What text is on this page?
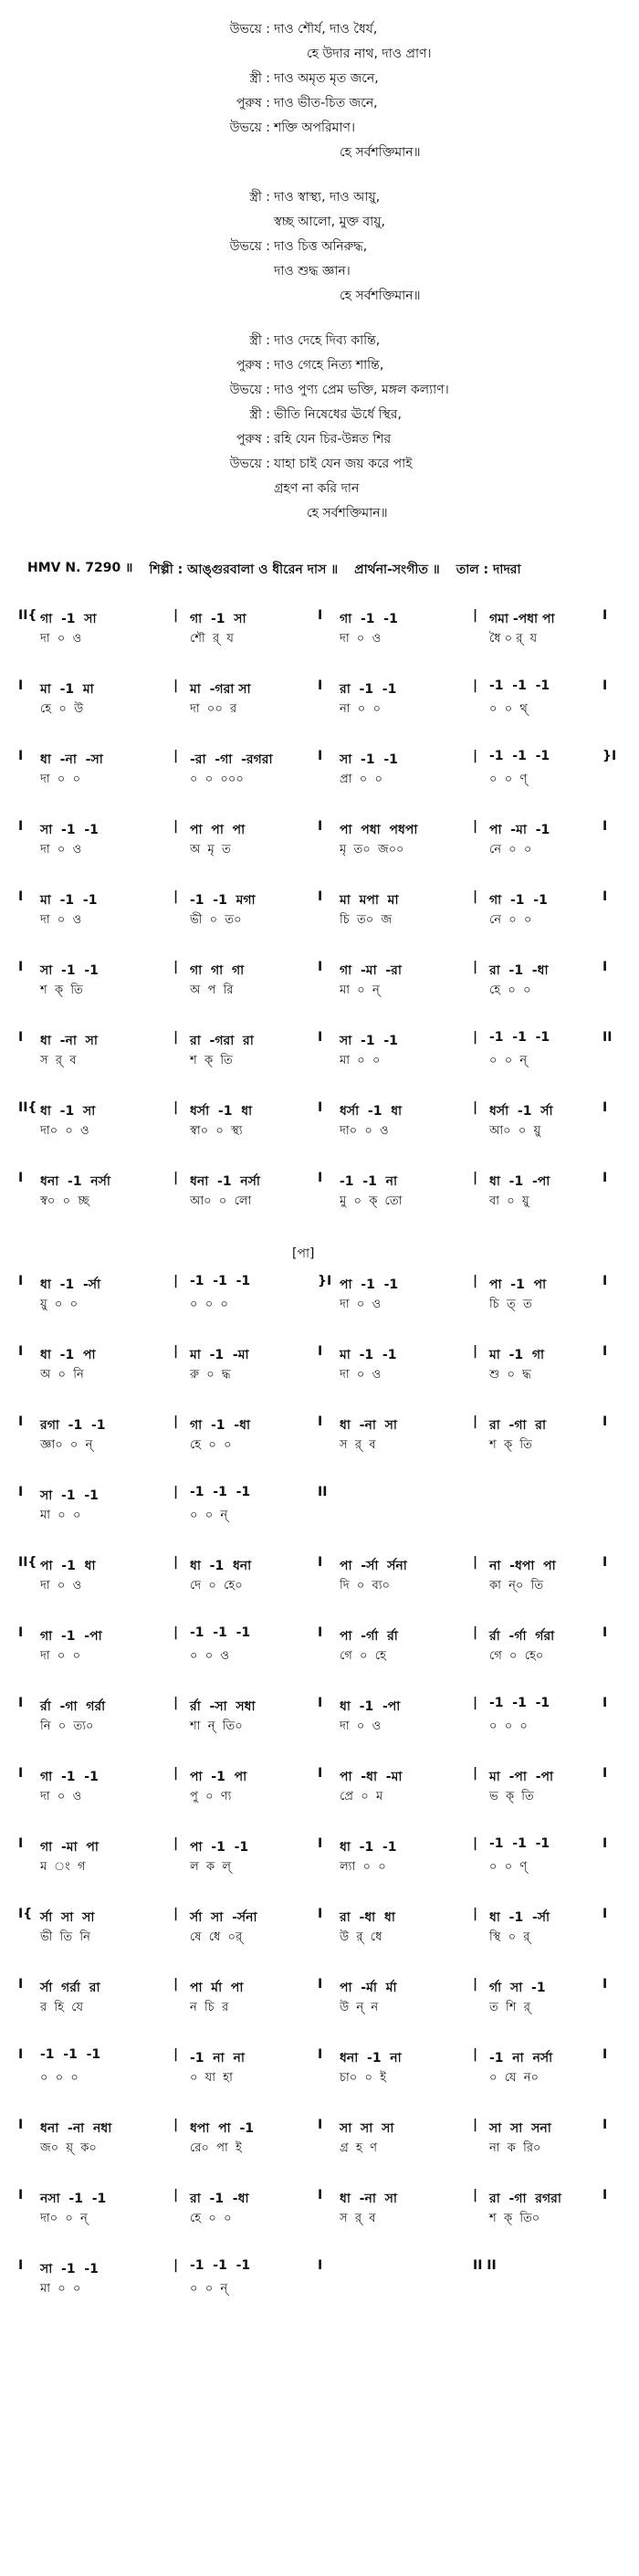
উভয়ে : দাও শৌর্য, দাও ধৈর্য,
হে উদার নাথ, দাও প্রাণ।
স্ত্রী : দাও অমৃত মৃত জনে,
পুরুষ : দাও ভীত-চিত জনে,
উভয়ে : শক্তি অপরিমাণ।
হে সর্বশক্তিমান॥
স্ত্রী : দাও স্বাস্থ্য, দাও আয়ু,
স্বচ্ছ আলো, মুক্ত বায়ু,
উভয়ে : দাও চিত্ত অনিরুদ্ধ,
দাও শুদ্ধ জ্ঞান।
হে সর্বশক্তিমান॥
স্ত্রী : দাও দেহে দিব্য কান্তি,
পুরুষ : দাও গেহে নিত্য শান্তি,
উভয়ে : দাও পুণ্য প্রেম ভক্তি, মঙ্গল কল্যাণ।
স্ত্রী : ভীতি নিষেধের ঊর্ধে স্থির,
পুরুষ : রহি যেন চির-উন্নত শির
উভয়ে : যাহা চাই যেন জয় করে পাই
গ্রহণ না করি দান
হে সর্বশক্তিমান॥
HMV N. 7290 ॥ শিল্পী : আঙ্গুরবালা ও ধীরেন দাস ॥ প্রার্থনা-সংগীত ॥ তাল : দাদরা
II{	|	I	|	I
গা  -1  সা	গা  -1  সা	গা  -1  -1	গমা -পধা পা
দা  ০  ও	শৌ  র্  য	দা  ০  ও	ধৈ ০ র্  য
I	|	I	|	I
মা  -1  মা	মা  -গরা সা	রা  -1  -1	-1  -1  -1
হে  ০  উ	দা  ০০  র	না  ০  ০	০  ০  থ্
I	|	I	|	}I
ধা  -না  -সা	-রা  -গা  -রগরা	সা  -1  -1	-1  -1  -1
দা  ০  ০	০  ০  ০০০	প্রা  ০  ০	০  ০  ণ্
I	|	I	|	I
সা  -1  -1	পা  পা  পা	পা  পধা  পধপা	পা  -মা  -1
দা  ০  ও	অ  মৃ  ত	মৃ  ত০  জ০০	নে  ০  ০
I	|	I	|	I
মা  -1  -1	-1  -1  মগা	মা  মপা  মা	গা  -1  -1
দা  ০  ও	ভী  ০  ত০	চি  ত০  জ	নে  ০  ০
I	|	I	|	I
সা  -1  -1	গা  গা  গা	গা  -মা  -রা	রা  -1  -ধা
শ  ক্  তি	অ  প  রি	মা  ০  ন্	হে  ০  ০
I	|	I	|	II
ধা  -না  সা	রা  -গরা  রা	সা  -1  -1	-1  -1  -1
স  র্  ব	শ  ক্  তি	মা  ০  ০	০  ০  ন্
II{	|	I	|	I
ধা  -1  সা	ধর্সা  -1  ধা	ধর্সা  -1  ধা	ধর্সা  -1  র্সা
দা০  ০  ও	স্বা০  ০  স্থ্য	দা০  ০  ও	আ০  ০  য়ু
I	|	I	|	I
ধনা  -1  নর্সা	ধনা  -1  নর্সা	-1  -1  না	ধা  -1  -পা
স্ব০  ০  চ্ছ	আ০  ০  লো	মু  ০  ক্  তো	বা  ০  য়ু
[পা]
I	|	}I	|	I
ধা  -1  -র্সা	-1  -1  -1	পা  -1  -1	পা  -1  পা
য়ু  ০  ০	০  ০  ০	দা  ০  ও	চি  ত্  ত
I	|	I	|	I
ধা  -1  পা	মা  -1  -মা	মা  -1  -1	মা  -1  গা
অ  ০  নি	রু  ০  দ্ধ	দা  ০  ও	শু  ০  দ্ধ
I	|	I	|	I
রগা  -1  -1	গা  -1  -ধা	ধা  -না  সা	রা  -গা  রা
জ্ঞা০  ০  ন্	হে  ০  ০	স  র্  ব	শ  ক্  তি
I	|	II
সা  -1  -1	-1  -1  -1
মা  ০  ০	০  ০  ন্
II{	|	I	|	I
পা  -1  ধা	ধা  -1  ধনা	পা  -র্সা  র্সনা	না  -ধপা  পা
দা  ০  ও	দে  ০  হে০	দি  ০  ব্য০	কা  ন্০  তি
I	|	I	|	I
গা  -1  -পা	-1  -1  -1	পা  -র্গা  র্রা	র্রা  -র্গা  র্গরা
দা  ০  ০	০  ০  ও	গে  ০  হে	গে  ০  হে০
I	|	I	|	I
র্রা  -গা  গর্রা	র্রা  -সা  সধা	ধা  -1  -পা	-1  -1  -1
নি  ০  ত্য০	শা  ন্  তি০	দা  ০  ও	০  ০  ০
I	|	I	|	I
গা  -1  -1	পা  -1  পা	পা  -ধা  -মা	মা  -পা  -পা
দা  ০  ও	পু  ০  ণ্য	প্রে  ০  ম	ভ  ক্  তি
I	|	I	|	I
গা  -মা  পা	পা  -1  -1	ধা  -1  -1	-1  -1  -1
ম  ং  গ	ল  ক  ল্	ল্যা  ০  ০	০  ০  ণ্
I{	|	I	|	I
র্সা  সা  সা	র্সা  সা  -র্সনা	রা  -ধা  ধা	ধা  -1  -র্সা
ভী  তি  নি	ষে  ধে  ০র্	উ  র্  ধে	স্থি  ০  র্
I	|	I	|	I
র্সা  গর্রা  রা	পা  র্মা  পা	পা  -র্মা  র্মা	র্গা  সা  -1
র  হি  যে	ন  চি  র	উ  ন্  ন	ত  শি  র্
I	|	I	|	I
-1  -1  -1	-1  না  না	ধনা  -1  না	-1  না  নর্সা
০  ০  ০	০  যা  হা	চা০  ০  ই	০  যে  ন০
I	|	I	|	I
ধনা  -না  নধা	ধপা  পা  -1	সা  সা  সা	সা  সা  সনা
জ০  য়্  ক০	রে০  পা  ই	গ্র  হ  ণ	না  ক  রি০
I	|	I	|	I
নসা  -1  -1	রা  -1  -ধা	ধা  -না  সা	রা  -গা  রগরা
দা০  ০  ন্	হে  ০  ০	স  র্  ব	শ  ক্  তি০
I	|	I	II II
সা  -1  -1	-1  -1  -1
মা  ০  ০	০  ০  ন্
